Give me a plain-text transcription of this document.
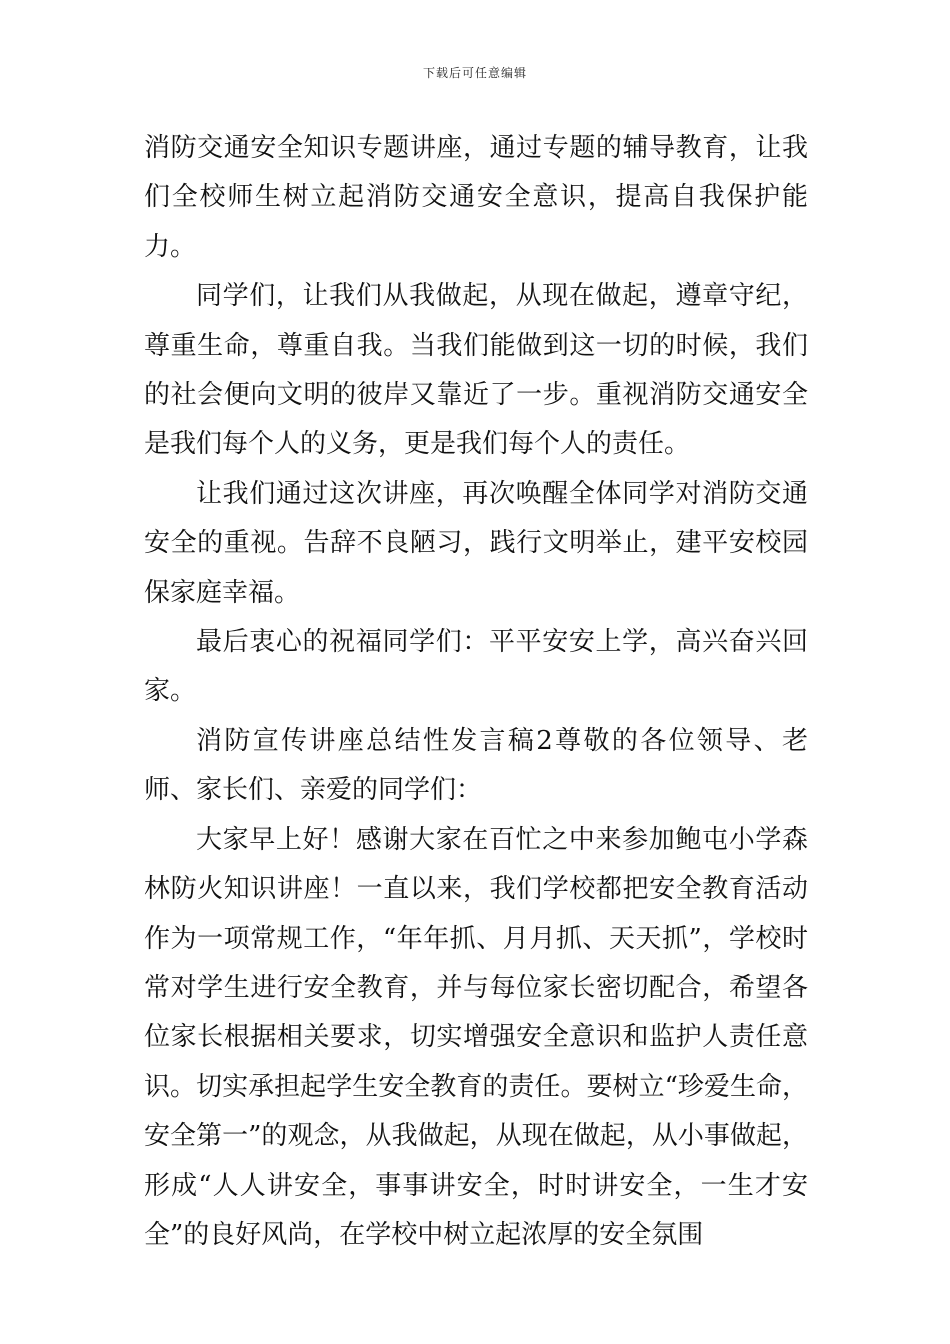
下载后可任意编辑

消防交通安全知识专题讲座，通过专题的辅导教育，让我们全校师生树立起消防交通安全意识，提高自我保护能力。

同学们，让我们从我做起，从现在做起，遵章守纪，尊重生命，尊重自我。当我们能做到这一切的时候，我们的社会便向文明的彼岸又靠近了一步。重视消防交通安全是我们每个人的义务，更是我们每个人的责任。

让我们通过这次讲座，再次唤醒全体同学对消防交通安全的重视。告辞不良陋习，践行文明举止，建平安校园保家庭幸福。

最后衷心的祝福同学们：平平安安上学，高兴奋兴回家。

消防宣传讲座总结性发言稿2尊敬的各位领导、老师、家长们、亲爱的同学们：

大家早上好！感谢大家在百忙之中来参加鲍屯小学森林防火知识讲座！一直以来，我们学校都把安全教育活动作为一项常规工作，“年年抓、月月抓、天天抓”，学校时常对学生进行安全教育，并与每位家长密切配合，希望各位家长根据相关要求，切实增强安全意识和监护人责任意识。切实承担起学生安全教育的责任。要树立“珍爱生命，安全第一”的观念，从我做起，从现在做起，从小事做起，形成“人人讲安全，事事讲安全，时时讲安全，一生才安全”的良好风尚，在学校中树立起浓厚的安全氛围
